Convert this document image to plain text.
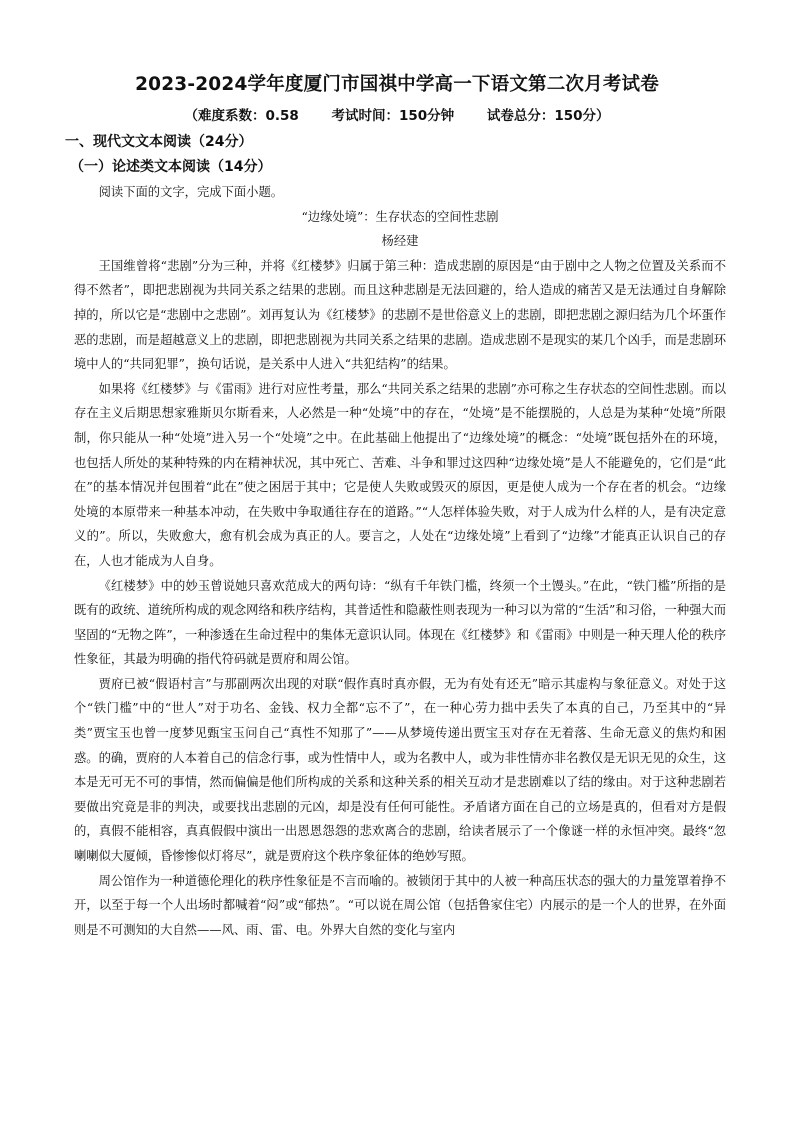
2023-2024学年度厦门市国祺中学高一下语文第二次月考试卷
（难度系数：0.58 考试时间：150分钟 试卷总分：150分）
一、现代文文本阅读（24分）
（一）论述类文本阅读（14分）

阅读下面的文字，完成下面小题。

“边缘处境”：生存状态的空间性悲剧

杨经建

王国维曾将“悲剧”分为三种，并将《红楼梦》归属于第三种：造成悲剧的原因是“由于剧中之人物之位置及关系而不得不然者”，即把悲剧视为共同关系之结果的悲剧。而且这种悲剧是无法回避的，给人造成的痛苦又是无法通过自身解除掉的，所以它是“悲剧中之悲剧”。刘再复认为《红楼梦》的悲剧不是世俗意义上的悲剧，即把悲剧之源归结为几个坏蛋作恶的悲剧，而是超越意义上的悲剧，即把悲剧视为共同关系之结果的悲剧。造成悲剧不是现实的某几个凶手，而是悲剧环境中人的“共同犯罪”，换句话说，是关系中人进入“共犯结构”的结果。

如果将《红楼梦》与《雷雨》进行对应性考量，那么“共同关系之结果的悲剧”亦可称之生存状态的空间性悲剧。而以存在主义后期思想家雅斯贝尔斯看来，人必然是一种“处境”中的存在，“处境”是不能摆脱的，人总是为某种“处境”所限制，你只能从一种“处境”进入另一个“处境”之中。在此基础上他提出了“边缘处境”的概念：“处境”既包括外在的环境，也包括人所处的某种特殊的内在精神状况，其中死亡、苦难、斗争和罪过这四种“边缘处境”是人不能避免的，它们是“此在”的基本情况并包围着“此在”使之困居于其中；它是使人失败或毁灭的原因，更是使人成为一个存在者的机会。“边缘处境的本原带来一种基本冲动，在失败中争取通往存在的道路。”“人怎样体验失败，对于人成为什么样的人，是有决定意义的”。所以，失败愈大，愈有机会成为真正的人。要言之，人处在“边缘处境”上看到了“边缘”才能真正认识自己的存在，人也才能成为人自身。

《红楼梦》中的妙玉曾说她只喜欢范成大的两句诗：“纵有千年铁门槛，终须一个土馒头。”在此，“铁门槛”所指的是既有的政统、道统所构成的观念网络和秩序结构，其普适性和隐蔽性则表现为一种习以为常的“生活”和习俗，一种强大而坚固的“无物之阵”，一种渗透在生命过程中的集体无意识认同。体现在《红楼梦》和《雷雨》中则是一种天理人伦的秩序性象征，其最为明确的指代符码就是贾府和周公馆。

贾府已被“假语村言”与那副两次出现的对联“假作真时真亦假，无为有处有还无”暗示其虚构与象征意义。对处于这个“铁门槛”中的“世人”对于功名、金钱、权力全都“忘不了”，在一种心劳力拙中丢失了本真的自己，乃至其中的“异类”贾宝玉也曾一度梦见甄宝玉问自己“真性不知那了”——从梦境传递出贾宝玉对存在无着落、生命无意义的焦灼和困惑。的确，贾府的人本着自己的信念行事，或为性情中人，或为名教中人，或为非性情亦非名教仅是无识无见的众生，这本是无可无不可的事情，然而偏偏是他们所构成的关系和这种关系的相关互动才是悲剧难以了结的缘由。对于这种悲剧若要做出究竟是非的判决，或要找出悲剧的元凶，却是没有任何可能性。矛盾诸方面在自己的立场是真的，但看对方是假的，真假不能相容，真真假假中演出一出恩恩怨怨的悲欢离合的悲剧，给读者展示了一个像谜一样的永恒冲突。最终“忽喇喇似大厦倾，昏惨惨似灯将尽”，就是贾府这个秩序象征体的绝妙写照。

周公馆作为一种道德伦理化的秩序性象征是不言而喻的。被锁闭于其中的人被一种高压状态的强大的力量笼罩着挣不开，以至于每一个人出场时都喊着“闷”或“郁热”。“可以说在周公馆（包括鲁家住宅）内展示的是一个人的世界，在外面则是不可测知的大自然——风、雨、雷、电。外界大自然的变化与室内
